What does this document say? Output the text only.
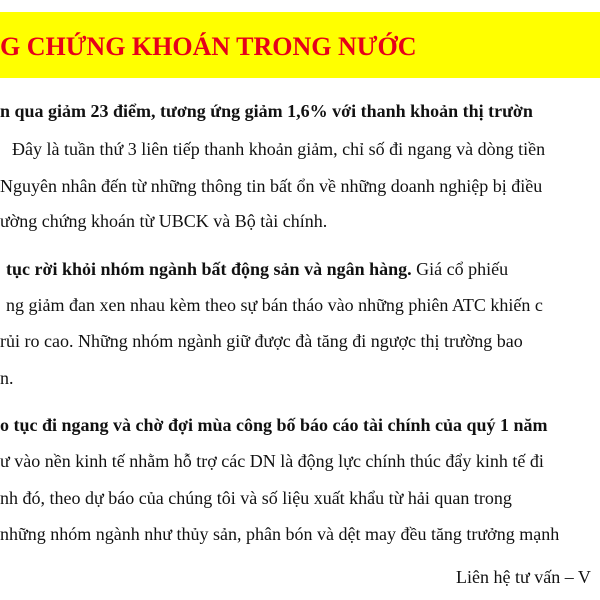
G CHỨNG KHOÁN TRONG NƯỚC
n qua giảm 23 điểm, tương ứng giảm 1,6% với thanh khoản thị trườn
Đây là tuần thứ 3 liên tiếp thanh khoản giảm, chỉ số đi ngang và dòng tiền
Nguyên nhân đến từ những thông tin bất ổn về những doanh nghiệp bị điều
ường chứng khoán từ UBCK và Bộ tài chính.
tục rời khỏi nhóm ngành bất động sản và ngân hàng. Giá cổ phiếu
ng giảm đan xen nhau kèm theo sự bán tháo vào những phiên ATC khiến c
rủi ro cao. Những nhóm ngành giữ được đà tăng đi ngược thị trường bao
n.
o tục đi ngang và chờ đợi mùa công bố báo cáo tài chính của quý 1 năm
ư vào nền kinh tế nhằm hỗ trợ các DN là động lực chính thúc đẩy kinh tế đi
nh đó, theo dự báo của chúng tôi và số liệu xuất khẩu từ hải quan trong
những nhóm ngành như thủy sản, phân bón và dệt may đều tăng trưởng mạnh
Liên hệ tư vấn – V
